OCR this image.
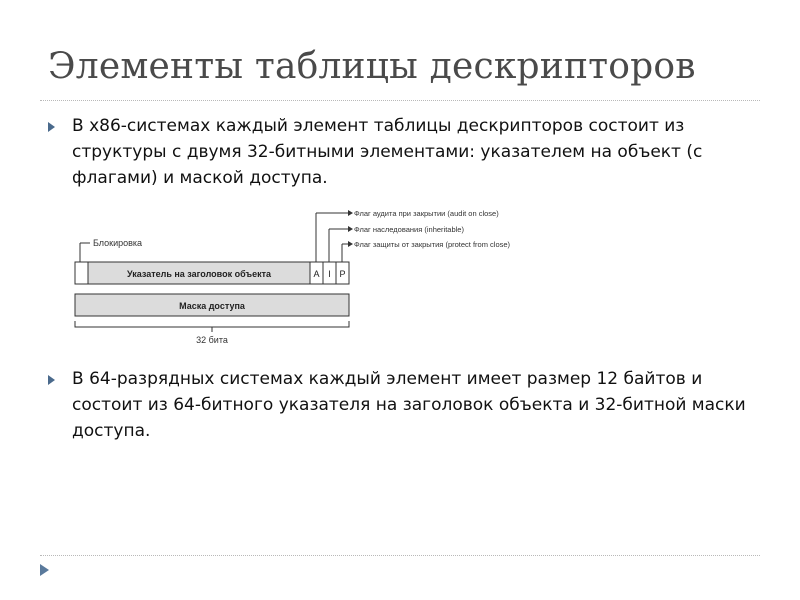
Элементы таблицы дескрипторов

В x86-системах каждый элемент таблицы дескрипторов состоит из структуры с двумя 32-битными элементами: указателем на объект (с флагами) и маской доступа.

Блокировка
Флаг аудита при закрытии (audit on close)
Флаг наследования (inheritable)
Флаг защиты от закрытия (protect from close)
Указатель на заголовок объекта	A I P
Маска доступа
32 бита

В 64-разрядных системах каждый элемент имеет размер 12 байтов и состоит из 64-битного указателя на заголовок объекта и 32-битной маски доступа.
